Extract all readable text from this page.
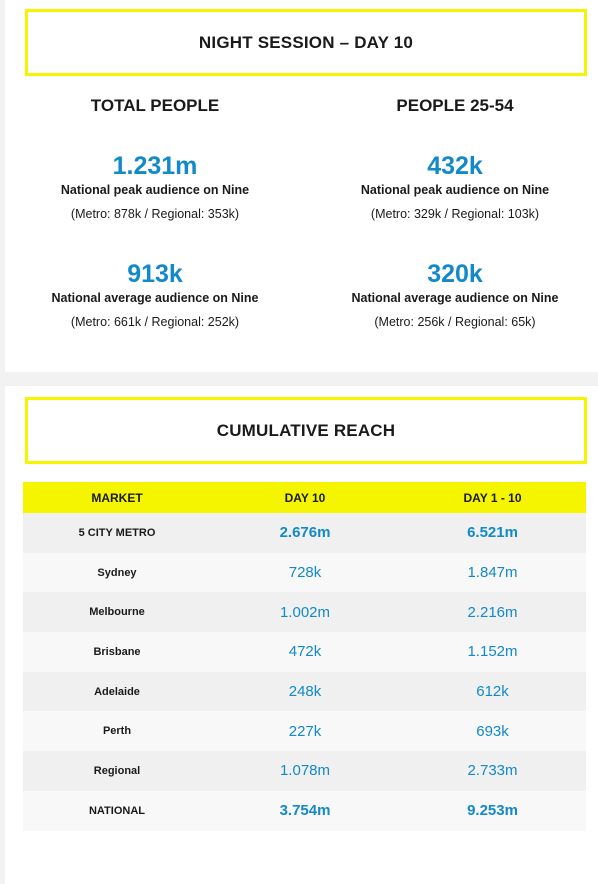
NIGHT SESSION – DAY 10
TOTAL PEOPLE	PEOPLE 25-54
1.231m
National peak audience on Nine
(Metro: 878k / Regional: 353k)
432k
National peak audience on Nine
(Metro: 329k / Regional: 103k)
913k
National average audience on Nine
(Metro: 661k / Regional: 252k)
320k
National average audience on Nine
(Metro: 256k / Regional: 65k)
CUMULATIVE REACH
MARKET	DAY 10	DAY 1 - 10
5 CITY METRO	2.676m	6.521m
Sydney	728k	1.847m
Melbourne	1.002m	2.216m
Brisbane	472k	1.152m
Adelaide	248k	612k
Perth	227k	693k
Regional	1.078m	2.733m
NATIONAL	3.754m	9.253m
